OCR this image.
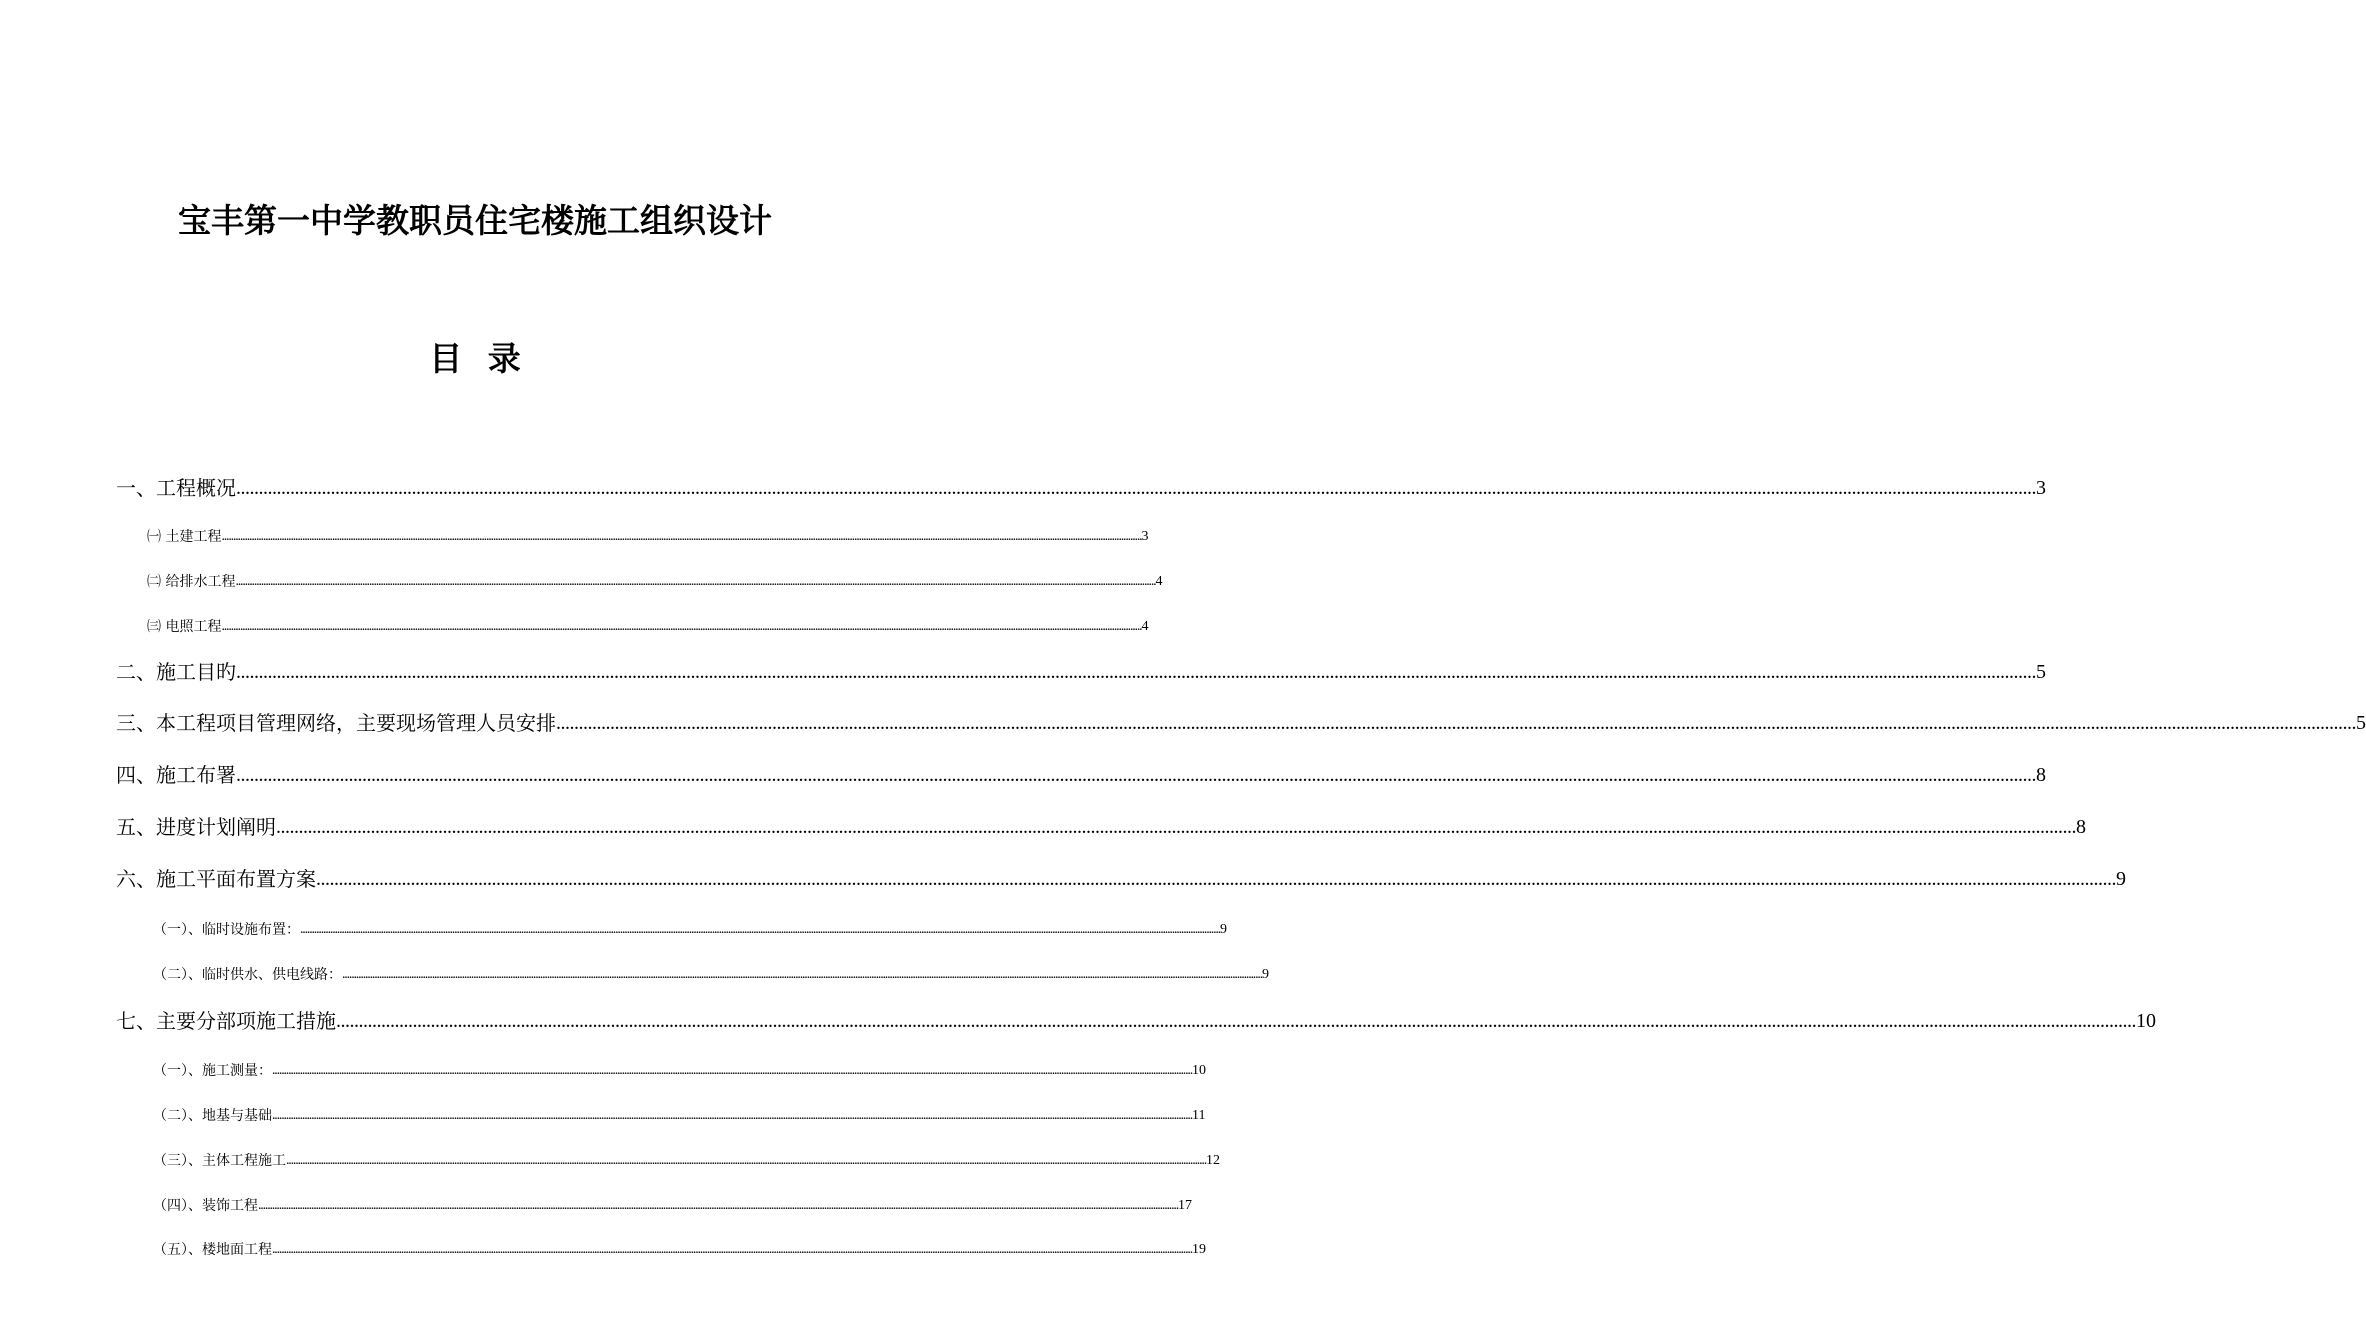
宝丰第一中学教职员住宅楼施工组织设计
目 录
一、工程概况 ................................................................................................................................................................................................................................................................................................................................................................................................................ 3
㈠ 土建工程 ................................................................................................................................................................................................................................................................................................................................................................................................................ 3
㈡ 给排水工程 ................................................................................................................................................................................................................................................................................................................................................................................................................ 4
㈢ 电照工程 ................................................................................................................................................................................................................................................................................................................................................................................................................ 4
二、施工目旳 ................................................................................................................................................................................................................................................................................................................................................................................................................ 5
三、本工程项目管理网络，主要现场管理人员安排 ................................................................................................................................................................................................................................................................................................................................................................................................................ 5
四、施工布署 ................................................................................................................................................................................................................................................................................................................................................................................................................ 8
五、进度计划阐明 ................................................................................................................................................................................................................................................................................................................................................................................................................ 8
六、施工平面布置方案 ................................................................................................................................................................................................................................................................................................................................................................................................................ 9
（一）、临时设施布置： ................................................................................................................................................................................................................................................................................................................................................................................................................ 9
（二）、临时供水、供电线路： ................................................................................................................................................................................................................................................................................................................................................................................................................ 9
七、主要分部项施工措施 ................................................................................................................................................................................................................................................................................................................................................................................................................ 10
（一）、施工测量： ................................................................................................................................................................................................................................................................................................................................................................................................................ 10
（二）、地基与基础 ................................................................................................................................................................................................................................................................................................................................................................................................................ 11
（三）、主体工程施工 ................................................................................................................................................................................................................................................................................................................................................................................................................ 12
（四）、装饰工程 ................................................................................................................................................................................................................................................................................................................................................................................................................ 17
（五）、楼地面工程 ................................................................................................................................................................................................................................................................................................................................................................................................................ 19
